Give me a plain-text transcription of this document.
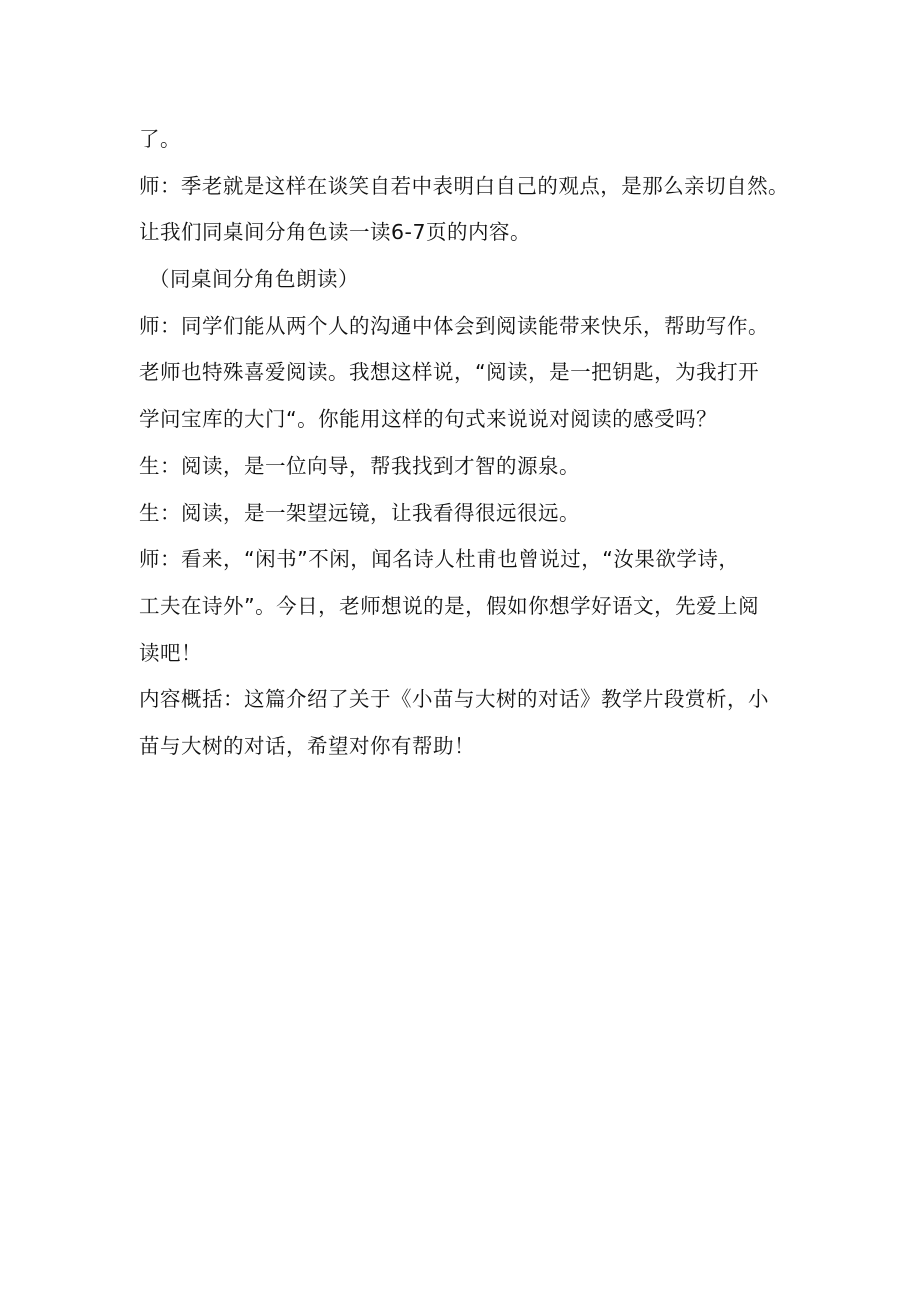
了。

师：季老就是这样在谈笑自若中表明白自己的观点，是那么亲切自然。
让我们同桌间分角色读一读6-7页的内容。

（同桌间分角色朗读）

师：同学们能从两个人的沟通中体会到阅读能带来快乐，帮助写作。
老师也特殊喜爱阅读。我想这样说，“阅读，是一把钥匙，为我打开
学问宝库的大门“。你能用这样的句式来说说对阅读的感受吗？

生：阅读，是一位向导，帮我找到才智的源泉。

生：阅读，是一架望远镜，让我看得很远很远。

师：看来，“闲书”不闲，闻名诗人杜甫也曾说过，“汝果欲学诗，
工夫在诗外”。今日，老师想说的是，假如你想学好语文，先爱上阅
读吧！

内容概括：这篇介绍了关于《小苗与大树的对话》教学片段赏析，小
苗与大树的对话，希望对你有帮助！
